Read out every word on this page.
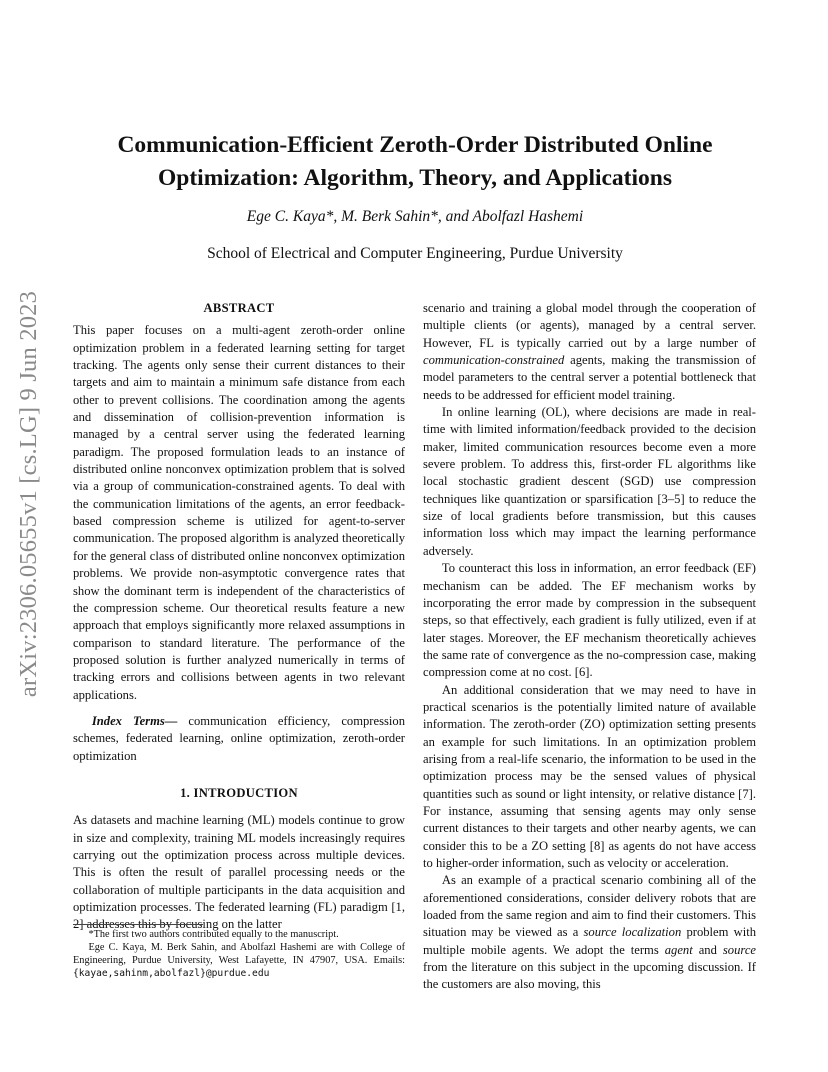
arXiv:2306.05655v1 [cs.LG] 9 Jun 2023
Communication-Efficient Zeroth-Order Distributed Online
Optimization: Algorithm, Theory, and Applications
Ege C. Kaya*, M. Berk Sahin*, and Abolfazl Hashemi
School of Electrical and Computer Engineering, Purdue University
ABSTRACT

This paper focuses on a multi-agent zeroth-order online optimization problem in a federated learning setting for target tracking. The agents only sense their current distances to their targets and aim to maintain a minimum safe distance from each other to prevent collisions. The coordination among the agents and dissemination of collision-prevention information is managed by a central server using the federated learning paradigm. The proposed formulation leads to an instance of distributed online nonconvex optimization problem that is solved via a group of communication-constrained agents. To deal with the communication limitations of the agents, an error feedback-based compression scheme is utilized for agent-to-server communication. The proposed algorithm is analyzed theoretically for the general class of distributed online nonconvex optimization problems. We provide non-asymptotic convergence rates that show the dominant term is independent of the characteristics of the compression scheme. Our theoretical results feature a new approach that employs significantly more relaxed assumptions in comparison to standard literature. The performance of the proposed solution is further analyzed numerically in terms of tracking errors and collisions between agents in two relevant applications.

Index Terms— communication efficiency, compression schemes, federated learning, online optimization, zeroth-order optimization

1. INTRODUCTION

As datasets and machine learning (ML) models continue to grow in size and complexity, training ML models increasingly requires carrying out the optimization process across multiple devices. This is often the result of parallel processing needs or the collaboration of multiple participants in the data acquisition and optimization processes. The federated learning (FL) paradigm [1, 2] addresses this by focusing on the latter

*The first two authors contributed equally to the manuscript.

Ege C. Kaya, M. Berk Sahin, and Abolfazl Hashemi are with College of Engineering, Purdue University, West Lafayette, IN 47907, USA. Emails: {kayae,sahinm,abolfazl}@purdue.edu

scenario and training a global model through the cooperation of multiple clients (or agents), managed by a central server. However, FL is typically carried out by a large number of communication-constrained agents, making the transmission of model parameters to the central server a potential bottleneck that needs to be addressed for efficient model training.

In online learning (OL), where decisions are made in real-time with limited information/feedback provided to the decision maker, limited communication resources become even a more severe problem. To address this, first-order FL algorithms like local stochastic gradient descent (SGD) use compression techniques like quantization or sparsification [3–5] to reduce the size of local gradients before transmission, but this causes information loss which may impact the learning performance adversely.

To counteract this loss in information, an error feedback (EF) mechanism can be added. The EF mechanism works by incorporating the error made by compression in the subsequent steps, so that effectively, each gradient is fully utilized, even if at later stages. Moreover, the EF mechanism theoretically achieves the same rate of convergence as the no-compression case, making compression come at no cost. [6].

An additional consideration that we may need to have in practical scenarios is the potentially limited nature of available information. The zeroth-order (ZO) optimization setting presents an example for such limitations. In an optimization problem arising from a real-life scenario, the information to be used in the optimization process may be the sensed values of physical quantities such as sound or light intensity, or relative distance [7]. For instance, assuming that sensing agents may only sense current distances to their targets and other nearby agents, we can consider this to be a ZO setting [8] as agents do not have access to higher-order information, such as velocity or acceleration.

As an example of a practical scenario combining all of the aforementioned considerations, consider delivery robots that are loaded from the same region and aim to find their customers. This situation may be viewed as a source localization problem with multiple mobile agents. We adopt the terms agent and source from the literature on this subject in the upcoming discussion. If the customers are also moving, this
